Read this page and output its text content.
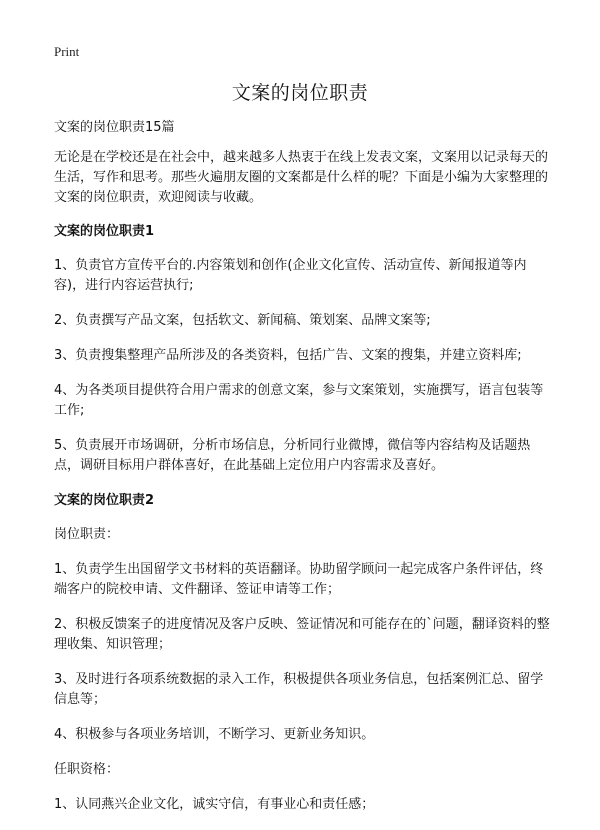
Print
文案的岗位职责

文案的岗位职责15篇

无论是在学校还是在社会中，越来越多人热衷于在线上发表文案，文案用以记录每天的生活，写作和思考。那些火遍朋友圈的文案都是什么样的呢？下面是小编为大家整理的文案的岗位职责，欢迎阅读与收藏。

文案的岗位职责1

1、负责官方宣传平台的.内容策划和创作(企业文化宣传、活动宣传、新闻报道等内容)，进行内容运营执行;

2、负责撰写产品文案，包括软文、新闻稿、策划案、品牌文案等;

3、负责搜集整理产品所涉及的各类资料，包括广告、文案的搜集，并建立资料库;

4、为各类项目提供符合用户需求的创意文案，参与文案策划，实施撰写，语言包装等工作;

5、负责展开市场调研，分析市场信息，分析同行业微博，微信等内容结构及话题热点，调研目标用户群体喜好，在此基础上定位用户内容需求及喜好。

文案的岗位职责2

岗位职责：

1、负责学生出国留学文书材料的英语翻译。协助留学顾问一起完成客户条件评估，终端客户的院校申请、文件翻译、签证申请等工作；

2、积极反馈案子的进度情况及客户反映、签证情况和可能存在的`问题，翻译资料的整理收集、知识管理；

3、及时进行各项系统数据的录入工作，积极提供各项业务信息，包括案例汇总、留学信息等；

4、积极参与各项业务培训，不断学习、更新业务知识。

任职资格：

1、认同燕兴企业文化，诚实守信，有事业心和责任感；
